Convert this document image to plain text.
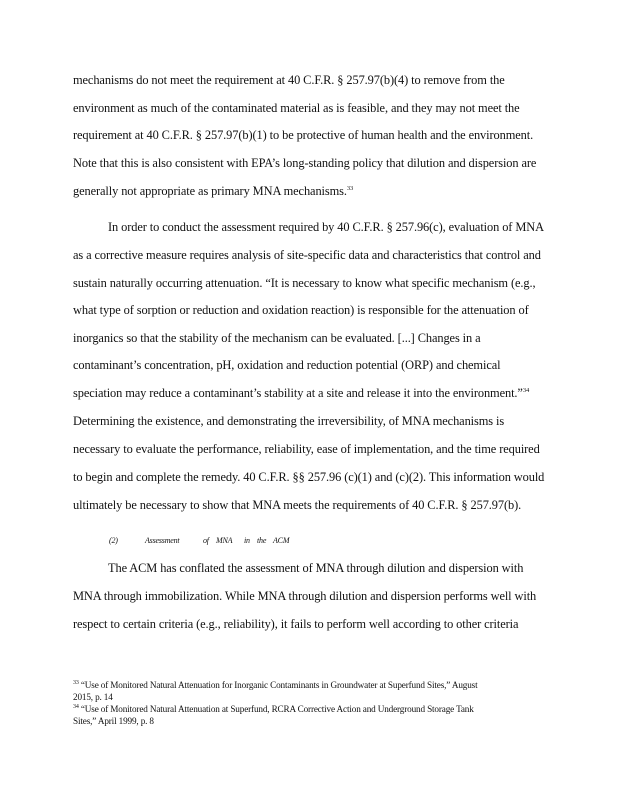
mechanisms do not meet the requirement at 40 C.F.R. § 257.97(b)(4) to remove from the
environment as much of the contaminated material as is feasible, and they may not meet the
requirement at 40 C.F.R. § 257.97(b)(1) to be protective of human health and the environment.
Note that this is also consistent with EPA’s long-standing policy that dilution and dispersion are
generally not appropriate as primary MNA mechanisms.$^{33}$
In order to conduct the assessment required by 40 C.F.R. § 257.96(c), evaluation of MNA
as a corrective measure requires analysis of site-specific data and characteristics that control and
sustain naturally occurring attenuation. “It is necessary to know what specific mechanism (e.g.,
what type of sorption or reduction and oxidation reaction) is responsible for the attenuation of
inorganics so that the stability of the mechanism can be evaluated. [...] Changes in a
contaminant’s concentration, pH, oxidation and reduction potential (ORP) and chemical
speciation may reduce a contaminant’s stability at a site and release it into the environment.”$^{34}$
Determining the existence, and demonstrating the irreversibility, of MNA mechanisms is
necessary to evaluate the performance, reliability, ease of implementation, and the time required
to begin and complete the remedy. 40 C.F.R. §§ 257.96 (c)(1) and (c)(2). This information would
ultimately be necessary to show that MNA meets the requirements of 40 C.F.R. § 257.97(b).
(2)	Assessment	of MNA in the ACM
The ACM has conflated the assessment of MNA through dilution and dispersion with
MNA through immobilization. While MNA through dilution and dispersion performs well with
respect to certain criteria (e.g., reliability), it fails to perform well according to other criteria
$^{33}$ “Use of Monitored Natural Attenuation for Inorganic Contaminants in Groundwater at Superfund Sites,” August
2015, p. 14
$^{34}$ “Use of Monitored Natural Attenuation at Superfund, RCRA Corrective Action and Underground Storage Tank
Sites,” April 1999, p. 8
